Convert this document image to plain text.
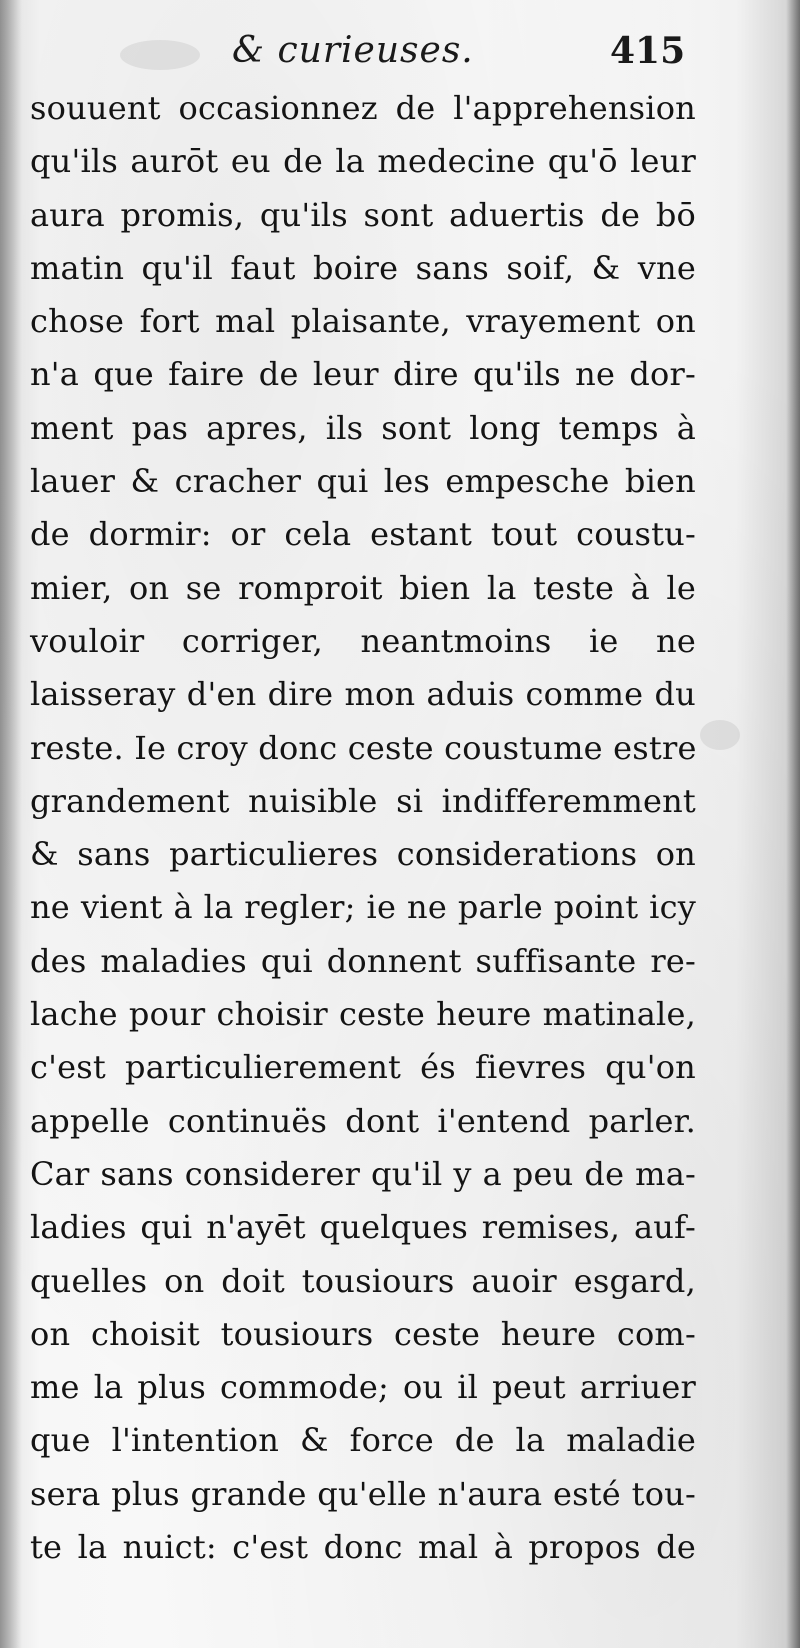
& curieuses.	415
souuent occasionnez de l'apprehension
qu'ils aurōt eu de la medecine qu'ō leur
aura promis, qu'ils sont aduertis de bō
matin qu'il faut boire sans soif, & vne
chose fort mal plaisante, vrayement on
n'a que faire de leur dire qu'ils ne dor-
ment pas apres, ils sont long temps à
lauer & cracher qui les empesche bien
de dormir: or cela estant tout coustu-
mier, on se romproit bien la teste à le
vouloir corriger, neantmoins ie ne
laisseray d'en dire mon aduis comme du
reste. Ie croy donc ceste coustume estre
grandement nuisible si indifferemment
& sans particulieres considerations on
ne vient à la regler; ie ne parle point icy
des maladies qui donnent suffisante re-
lache pour choisir ceste heure matinale,
c'est particulierement és fievres qu'on
appelle continuës dont i'entend parler.
Car sans considerer qu'il y a peu de ma-
ladies qui n'ayēt quelques remises, auf-
quelles on doit tousiours auoir esgard,
on choisit tousiours ceste heure com-
me la plus commode; ou il peut arriuer
que l'intention & force de la maladie
sera plus grande qu'elle n'aura esté tou-
te la nuict: c'est donc mal à propos de
